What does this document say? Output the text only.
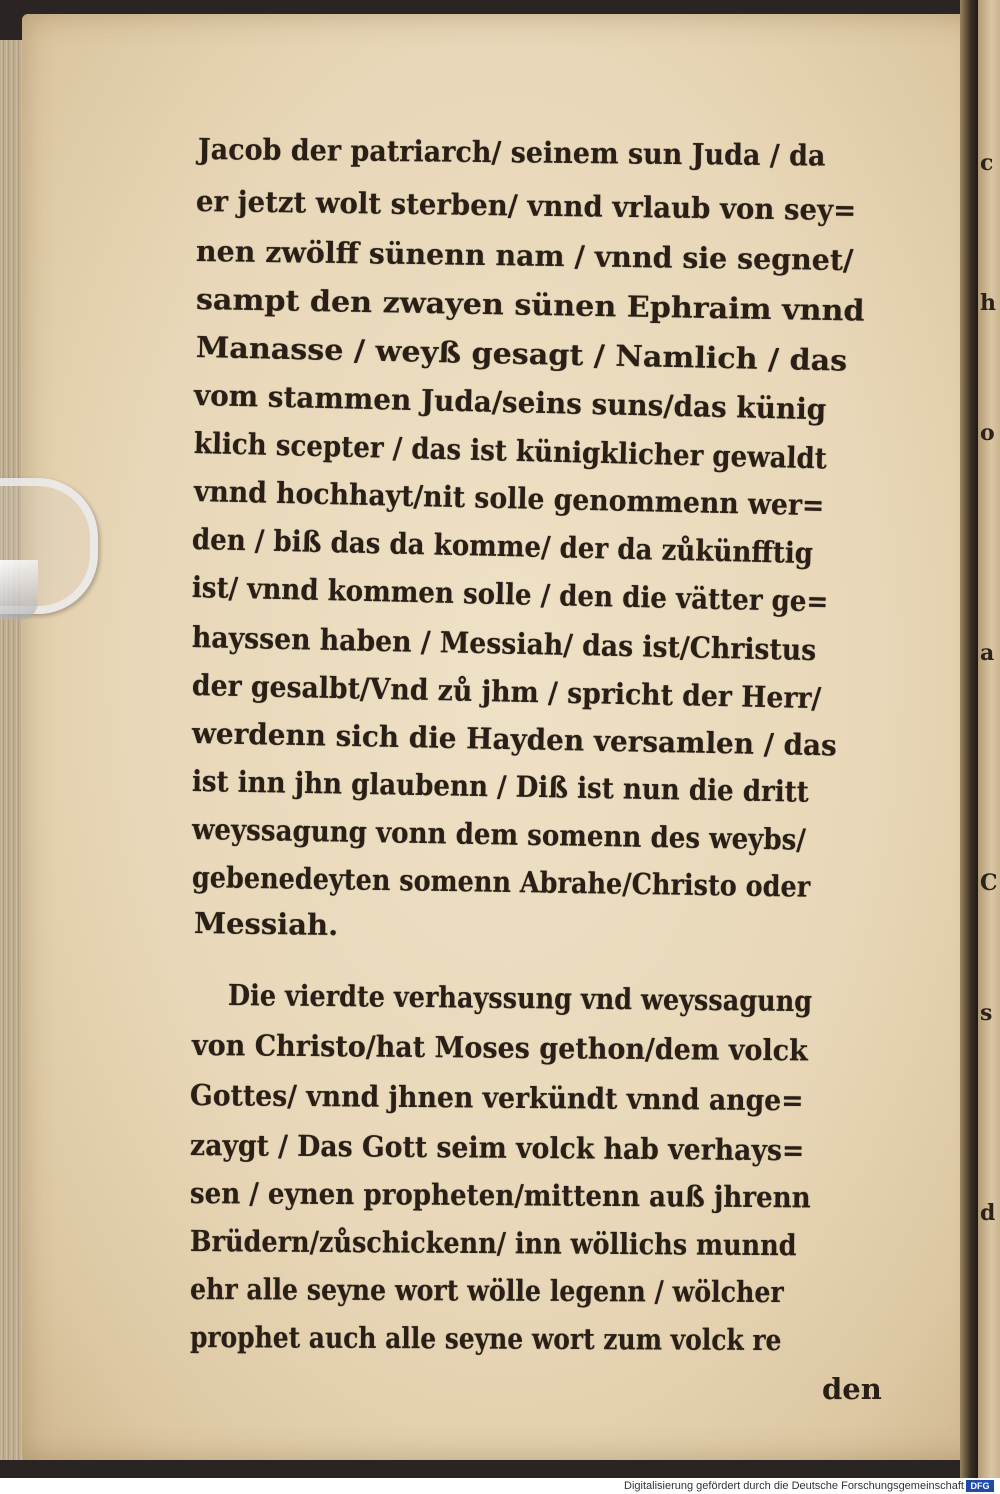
c
h
o
a
C
s
d
Jacob der patriarch/ seinem sun Juda / da
er jetzt wolt sterben/ vnnd vrlaub von sey=
nen zwölff sünenn nam / vnnd sie segnet/
sampt den zwayen sünen Ephraim vnnd
Manasse / weyß gesagt / Namlich / das
vom stammen Juda/seins suns/das künig
klich scepter / das ist künigklicher gewaldt
vnnd hochhayt/nit solle genommenn wer=
den / biß das da komme/ der da zůkünfftig
ist/ vnnd kommen solle / den die vätter ge=
hayssen haben / Messiah/ das ist/Christus
der gesalbt/Vnd zů jhm / spricht der Herr/
werdenn sich die Hayden versamlen / das
ist inn jhn glaubenn / Diß ist nun die dritt
weyssagung vonn dem somenn des weybs/
gebenedeyten somenn Abrahe/Christo oder
Messiah.
Die vierdte verhayssung vnd weyssagung
von Christo/hat Moses gethon/dem volck
Gottes/ vnnd jhnen verkündt vnnd ange=
zaygt / Das Gott seim volck hab verhays=
sen / eynen propheten/mittenn auß jhrenn
Brüdern/zůschickenn/ inn wöllichs munnd
ehr alle seyne wort wölle legenn / wölcher
prophet auch alle seyne wort zum volck re
den
Digitalisierung gefördert durch die Deutsche Forschungsgemeinschaft DFG
